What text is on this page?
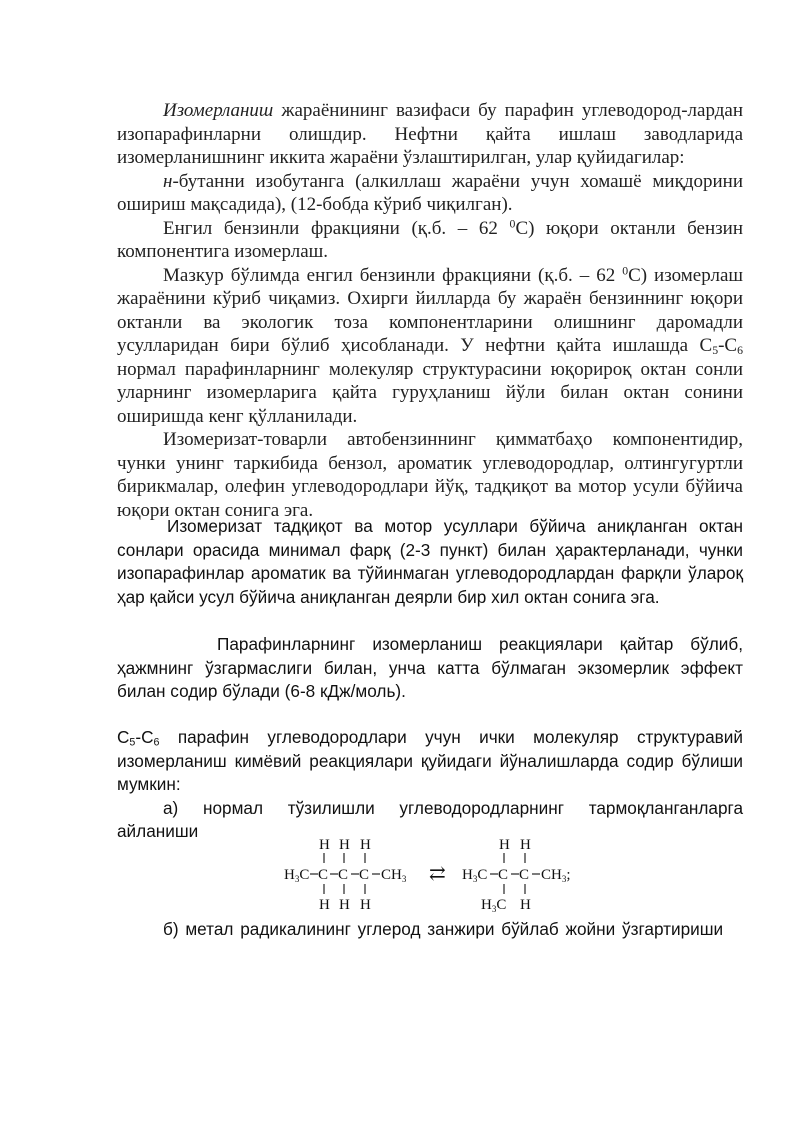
Изомерланиш жараёнининг вазифаси бу парафин углеводород-лардан изопарафинларни олишдир. Нефтни қайта ишлаш заводларида изомерланишнинг иккита жараёни ўзлаштирилган, улар қуйидагилар:

н-бутанни изобутанга (алкиллаш жараёни учун хомашё миқдорини ошириш мақсадида), (12-бобда кўриб чиқилган).

Енгил бензинли фракцияни (қ.б. – 62 $^0$С) юқори октанли бензин компонентига изомерлаш.

Мазкур бўлимда енгил бензинли фракцияни (қ.б. – 62 $^0$С) изомерлаш жараёнини кўриб чиқамиз. Охирги йилларда бу жараён бензиннинг юқори октанли ва экологик тоза компонентларини олишнинг даромадли усулларидан бири бўлиб ҳисобланади. У нефтни қайта ишлашда $С_5-С_6$ нормал парафинларнинг молекуляр структурасини юқорироқ октан сонли уларнинг изомерларига қайта гуруҳланиш йўли билан октан сонини оширишда кенг қўлланилади.

Изомеризат-товарли автобензиннинг қимматбаҳо компонентидир, чунки унинг таркибида бензол, ароматик углеводородлар, олтингугуртли бирикмалар, олефин углеводородлари йўқ, тадқиқот ва мотор усули бўйича юқори октан сонига эга.

Изомеризат тадқиқот ва мотор усуллари бўйича аниқланган октан сонлари орасида минимал фарқ (2-3 пункт) билан ҳарактерланади, чунки изопарафинлар ароматик ва тўйинмаган углеводородлардан фарқли ўлароқ ҳар қайси усул бўйича аниқланган деярли бир хил октан сонига эга.

Парафинларнинг изомерланиш реакциялари қайтар бўлиб, ҳажмнинг ўзгармаслиги билан, унча катта бўлмаган экзомерлик эффект билан содир бўлади (6-8 кДж/моль).

$С_5-С_6$ парафин углеводородлари учун ички молекуляр структуравий изомерланиш кимёвий реакциялари қуйидаги йўналишларда содир бўлиши мумкин:

а) нормал тўзилишли углеводородларнинг тармоқланганларга айланиши

H H H
$H_3C$ C C C $CH_3$
H H H
⇄
H H
$H_3C$ C C $CH_3$;
$H_3C$ H

б) метал радикалининг углерод занжири бўйлаб жойни ўзгартириши
